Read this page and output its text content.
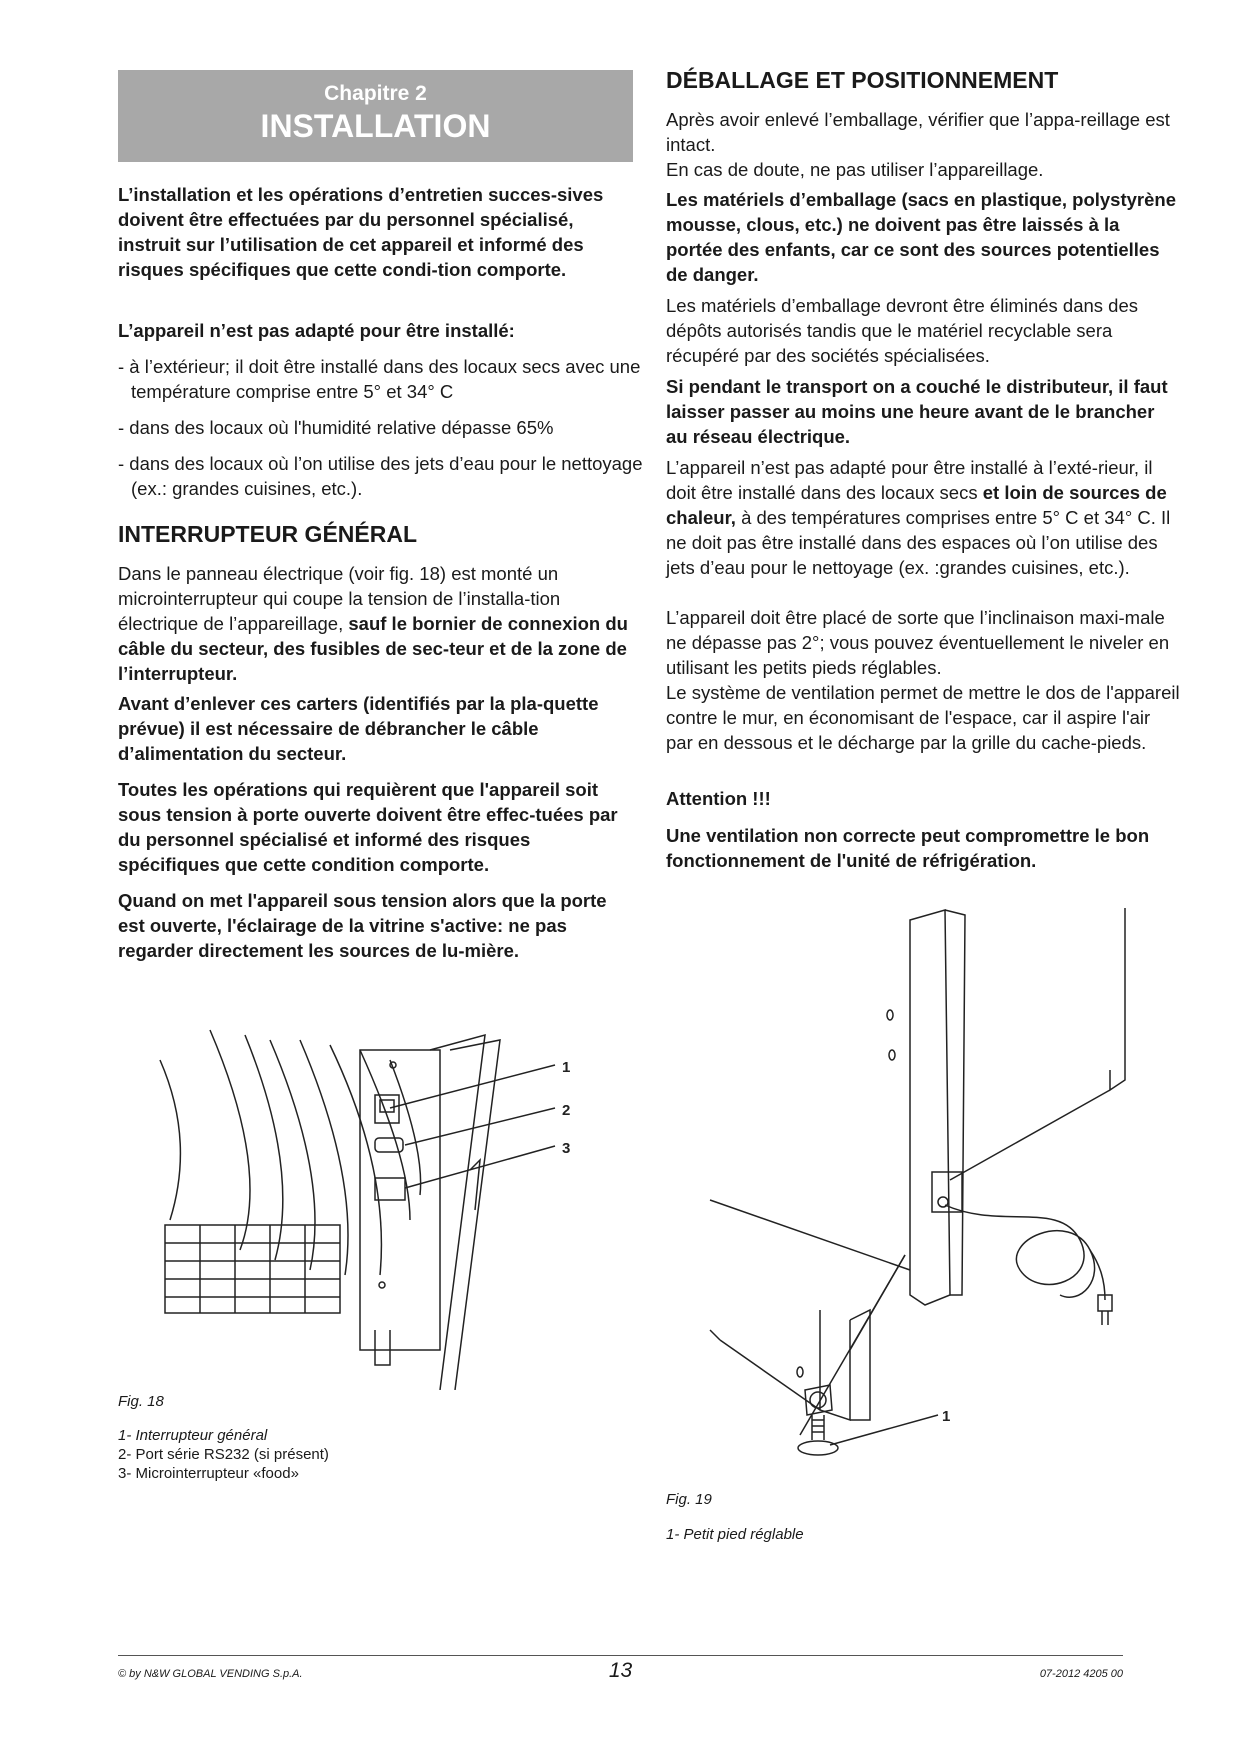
Chapitre 2
INSTALLATION

L’installation et les opérations d’entretien succes-sives doivent être effectuées par du personnel spécialisé, instruit sur l’utilisation de cet appareil et informé des risques spécifiques que cette condi-tion comporte.

L’appareil n’est pas adapté pour être installé:

- à l’extérieur; il doit être installé dans des locaux secs avec une température comprise entre 5° et 34° C

- dans des locaux où l'humidité relative dépasse 65%

- dans des locaux où l’on utilise des jets d’eau pour le nettoyage (ex.: grandes cuisines, etc.).

INTERRUPTEUR GÉNÉRAL

Dans le panneau électrique (voir fig. 18) est monté un microinterrupteur qui coupe la tension de l’installa-tion électrique de l’appareillage, sauf le bornier de connexion du câble du secteur, des fusibles de sec-teur et de la zone de l’interrupteur.

Avant d’enlever ces carters (identifiés par la pla-quette prévue) il est nécessaire de débrancher le câble d’alimentation du secteur.

Toutes les opérations qui requièrent que l'appareil soit sous tension à porte ouverte doivent être effec-tuées par du personnel spécialisé et informé des risques spécifiques que cette condition comporte.

Quand on met l'appareil sous tension alors que la porte est ouverte, l'éclairage de la vitrine s'active: ne pas regarder directement les sources de lu-mière.

1
2
3
Fig. 18
1- Interrupteur général
2- Port série RS232 (si présent)
3- Microinterrupteur «food»
DÉBALLAGE ET POSITIONNEMENT

Après avoir enlevé l’emballage, vérifier que l’appa-reillage est intact.

En cas de doute, ne pas utiliser l’appareillage.

Les matériels d’emballage (sacs en plastique, polystyrène mousse, clous, etc.) ne doivent pas être laissés à la portée des enfants, car ce sont des sources potentielles de danger.

Les matériels d’emballage devront être éliminés dans des dépôts autorisés tandis que le matériel recyclable sera récupéré par des sociétés spécialisées.

Si pendant le transport on a couché le distributeur, il faut laisser passer au moins une heure avant de le brancher au réseau électrique.

L’appareil n’est pas adapté pour être installé à l’exté-rieur, il doit être installé dans des locaux secs et loin de sources de chaleur, à des températures comprises entre 5° C et 34° C. Il ne doit pas être installé dans des espaces où l’on utilise des jets d’eau pour le nettoyage (ex. :grandes cuisines, etc.).

L’appareil doit être placé de sorte que l’inclinaison maxi-male ne dépasse pas 2°; vous pouvez éventuellement le niveler en utilisant les petits pieds réglables.

Le système de ventilation permet de mettre le dos de l'appareil contre le mur, en économisant de l'espace, car il aspire l'air par en dessous et le décharge par la grille du cache-pieds.

Attention !!!

Une ventilation non correcte peut compromettre le bon fonctionnement de l'unité de réfrigération.

1
Fig. 19
1- Petit pied réglable
© by N&W GLOBAL VENDING S.p.A.	13	07-2012 4205 00
